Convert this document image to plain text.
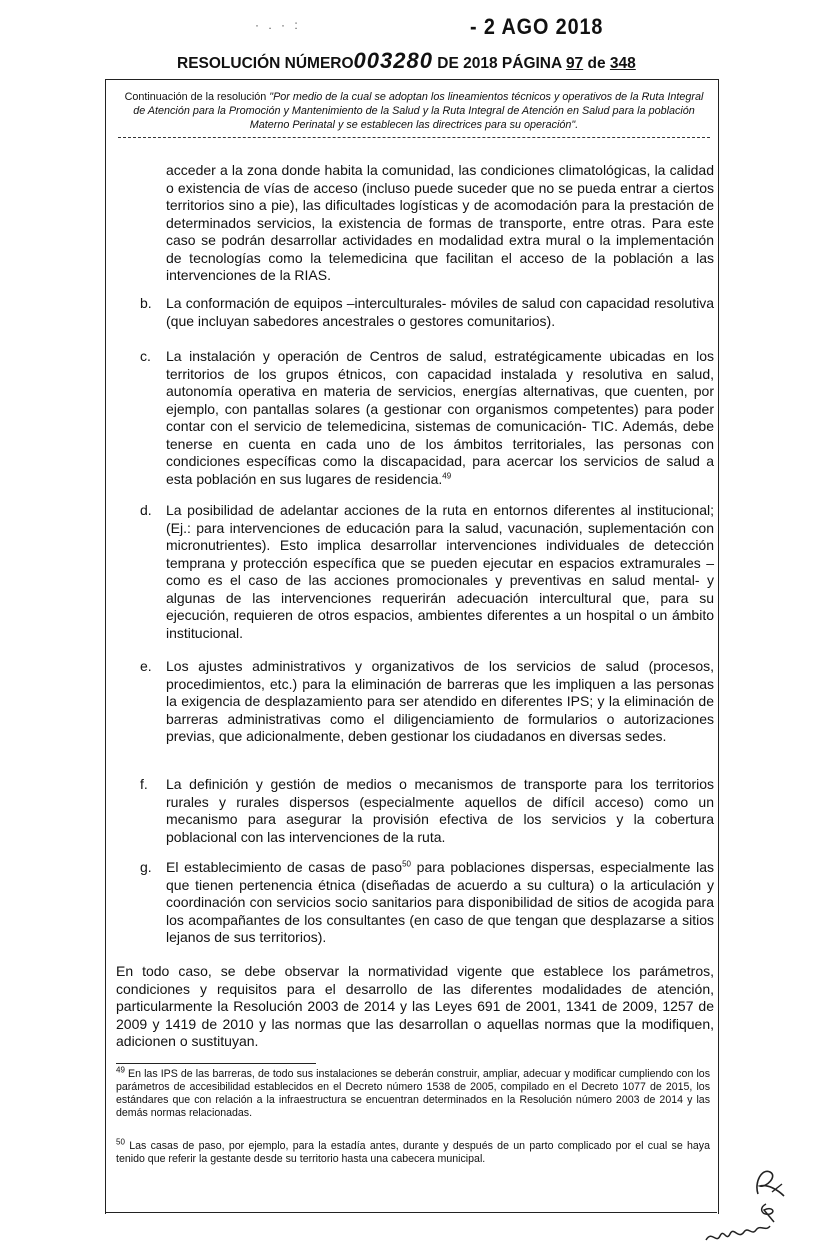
· . · :	- 2 AGO 2018
RESOLUCIÓN NÚMERO003280 DE 2018 PÁGINA 97 de 348
Continuación de la resolución "Por medio de la cual se adoptan los lineamientos técnicos y operativos de la Ruta Integral de Atención para la Promoción y Mantenimiento de la Salud y la Ruta Integral de Atención en Salud para la población Materno Perinatal y se establecen las directrices para su operación".
acceder a la zona donde habita la comunidad, las condiciones climatológicas, la calidad o existencia de vías de acceso (incluso puede suceder que no se pueda entrar a ciertos territorios sino a pie), las dificultades logísticas y de acomodación para la prestación de determinados servicios, la existencia de formas de transporte, entre otras. Para este caso se podrán desarrollar actividades en modalidad extra mural o la implementación de tecnologías como la telemedicina que facilitan el acceso de la población a las intervenciones de la RIAS.
b. La conformación de equipos –interculturales- móviles de salud con capacidad resolutiva (que incluyan sabedores ancestrales o gestores comunitarios).
c. La instalación y operación de Centros de salud, estratégicamente ubicadas en los territorios de los grupos étnicos, con capacidad instalada y resolutiva en salud, autonomía operativa en materia de servicios, energías alternativas, que cuenten, por ejemplo, con pantallas solares (a gestionar con organismos competentes) para poder contar con el servicio de telemedicina, sistemas de comunicación- TIC. Además, debe tenerse en cuenta en cada uno de los ámbitos territoriales, las personas con condiciones específicas como la discapacidad, para acercar los servicios de salud a esta población en sus lugares de residencia.$^{49}$
d. La posibilidad de adelantar acciones de la ruta en entornos diferentes al institucional; (Ej.: para intervenciones de educación para la salud, vacunación, suplementación con micronutrientes). Esto implica desarrollar intervenciones individuales de detección temprana y protección específica que se pueden ejecutar en espacios extramurales –como es el caso de las acciones promocionales y preventivas en salud mental- y algunas de las intervenciones requerirán adecuación intercultural que, para su ejecución, requieren de otros espacios, ambientes diferentes a un hospital o un ámbito institucional.
e. Los ajustes administrativos y organizativos de los servicios de salud (procesos, procedimientos, etc.) para la eliminación de barreras que les impliquen a las personas la exigencia de desplazamiento para ser atendido en diferentes IPS; y la eliminación de barreras administrativas como el diligenciamiento de formularios o autorizaciones previas, que adicionalmente, deben gestionar los ciudadanos en diversas sedes.
f. La definición y gestión de medios o mecanismos de transporte para los territorios rurales y rurales dispersos (especialmente aquellos de difícil acceso) como un mecanismo para asegurar la provisión efectiva de los servicios y la cobertura poblacional con las intervenciones de la ruta.
g. El establecimiento de casas de paso$^{50}$ para poblaciones dispersas, especialmente las que tienen pertenencia étnica (diseñadas de acuerdo a su cultura) o la articulación y coordinación con servicios socio sanitarios para disponibilidad de sitios de acogida para los acompañantes de los consultantes (en caso de que tengan que desplazarse a sitios lejanos de sus territorios).
En todo caso, se debe observar la normatividad vigente que establece los parámetros, condiciones y requisitos para el desarrollo de las diferentes modalidades de atención, particularmente la Resolución 2003 de 2014 y las Leyes 691 de 2001, 1341 de 2009, 1257 de 2009 y 1419 de 2010 y las normas que las desarrollan o aquellas normas que la modifiquen, adicionen o sustituyan.
$^{49}$ En las IPS de las barreras, de todo sus instalaciones se deberán construir, ampliar, adecuar y modificar cumpliendo con los parámetros de accesibilidad establecidos en el Decreto número 1538 de 2005, compilado en el Decreto 1077 de 2015, los estándares que con relación a la infraestructura se encuentran determinados en la Resolución número 2003 de 2014 y las demás normas relacionadas.
$^{50}$ Las casas de paso, por ejemplo, para la estadía antes, durante y después de un parto complicado por el cual se haya tenido que referir la gestante desde su territorio hasta una cabecera municipal.
